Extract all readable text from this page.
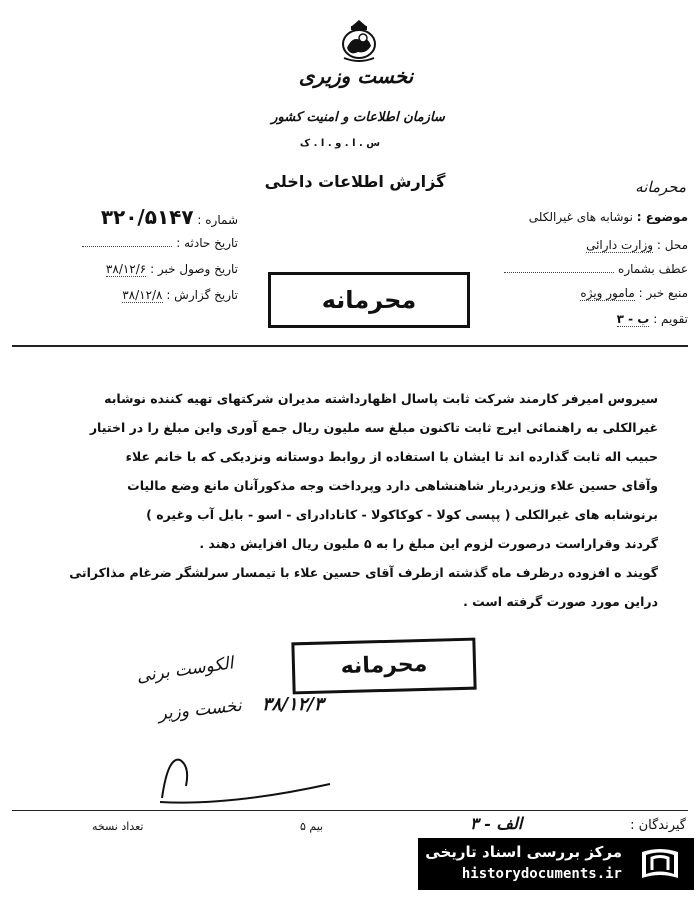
نخست وزیری
سازمان اطلاعات و امنیت کشور
س . ا . و . ا . ک
گزارش اطلاعات داخلی	محرمانه
موضوع : نوشابه های غیرالکلی
محل : وزارت دارائی
عطف بشماره
منبع خبر : مامور ویژه
تقویم : ب - ۳
شماره : ۳۲۰/۵۱۴۷
تاریخ حادثه :
تاریخ وصول خبر : ۳۸/۱۲/۶
تاریخ گزارش : ۳۸/۱۲/۸	محرمانه

سیروس امیرفر کارمند شرکت ثابت پاسال اظهارداشته مدیران شرکتهای تهیه کننده نوشابه

غیرالکلی به راهنمائی ایرج ثابت تاکنون مبلغ سه ملیون ریال جمع آوری واین مبلغ را در اختیار

حبیب اله ثابت گذارده اند تا ایشان با استفاده از روابط دوستانه ونزدیکی که با خانم علاء

وآقای حسین علاء وزیردربار شاهنشاهی دارد وپرداخت وجه مذکورآنان مانع وضع مالیات

برنوشابه های غیرالکلی ( پپسی کولا - کوکاکولا - کانادادرای - اسو - بابل آب وغیره )

گردند وقراراست درصورت لزوم این مبلغ را به ۵ ملیون ریال افزایش دهند .

گویند ه افزوده درظرف ماه گذشته ازطرف آقای حسین علاء با تیمسار سرلشگر ضرغام مذاکراتی

دراین مورد صورت گرفته است .

محرمانه
الکوست برنی
۳۸/۱۲/۳
نخست وزیر
گیرندگان :
الف - ۳
بیم ۵
تعداد نسخه
مرکز بررسی اسناد تاریخی
historydocuments.ir
